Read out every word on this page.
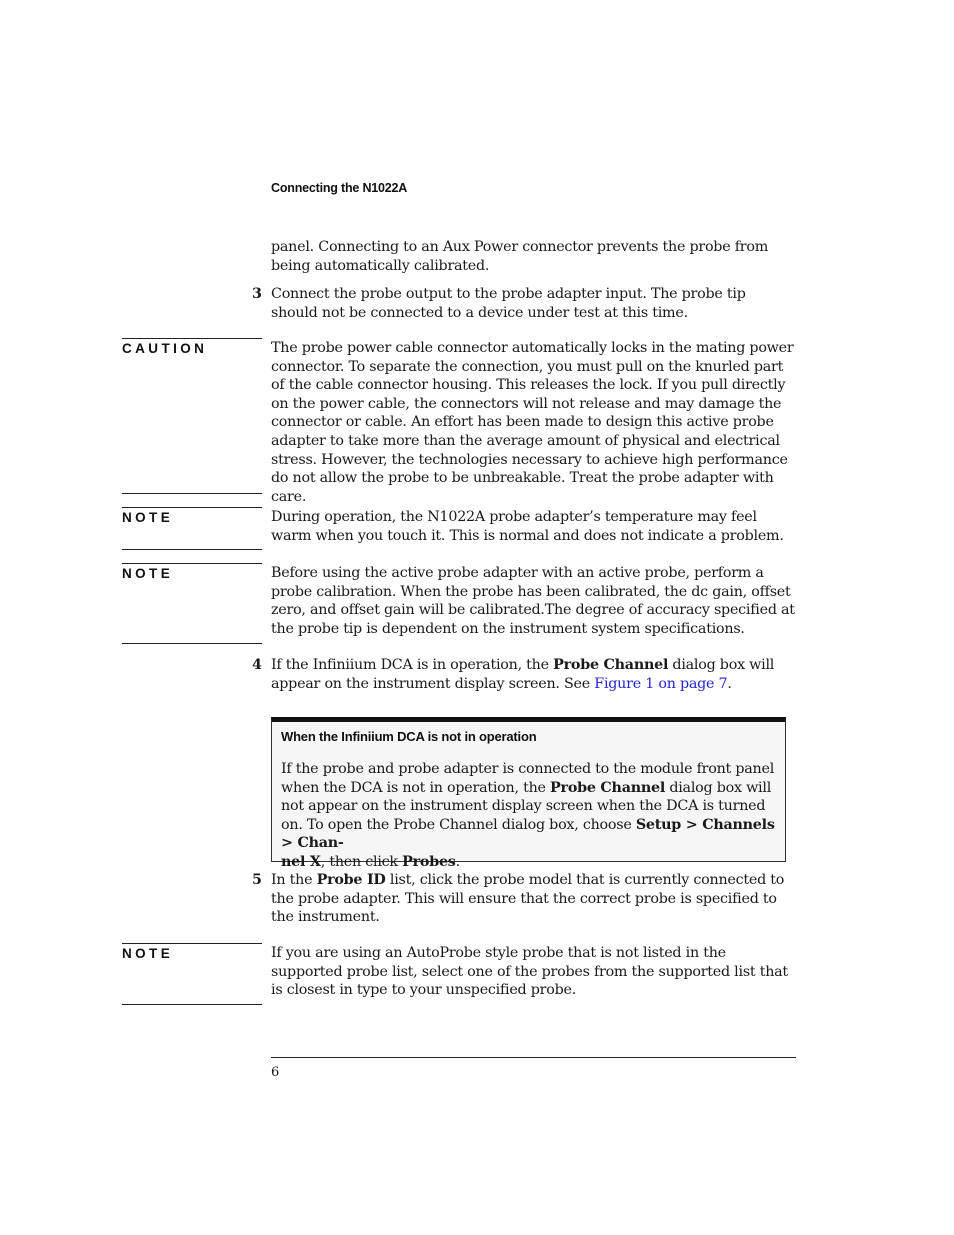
Connecting the N1022A
panel. Connecting to an Aux Power connector prevents the probe from being automatically calibrated.
3 Connect the probe output to the probe adapter input. The probe tip should not be connected to a device under test at this time.
CAUTION	The probe power cable connector automatically locks in the mating power connector. To separate the connection, you must pull on the knurled part of the cable connector housing. This releases the lock. If you pull directly on the power cable, the connectors will not release and may damage the connector or cable. An effort has been made to design this active probe adapter to take more than the average amount of physical and electrical stress. However, the technologies necessary to achieve high performance do not allow the probe to be unbreakable. Treat the probe adapter with care.
NOTE	During operation, the N1022A probe adapter’s temperature may feel warm when you touch it. This is normal and does not indicate a problem.
NOTE	Before using the active probe adapter with an active probe, perform a probe calibration. When the probe has been calibrated, the dc gain, offset zero, and offset gain will be calibrated.The degree of accuracy specified at the probe tip is dependent on the instrument system specifications.
4 If the Infiniium DCA is in operation, the Probe Channel dialog box will appear on the instrument display screen. See Figure 1 on page 7.
When the Infiniium DCA is not in operation
If the probe and probe adapter is connected to the module front panel when the DCA is not in operation, the Probe Channel dialog box will not appear on the instrument display screen when the DCA is turned on. To open the Probe Channel dialog box, choose Setup > Channels > Chan-
nel X, then click Probes.
5 In the Probe ID list, click the probe model that is currently connected to the probe adapter. This will ensure that the correct probe is specified to the instrument.
NOTE	If you are using an AutoProbe style probe that is not listed in the supported probe list, select one of the probes from the supported list that is closest in type to your unspecified probe.
6
